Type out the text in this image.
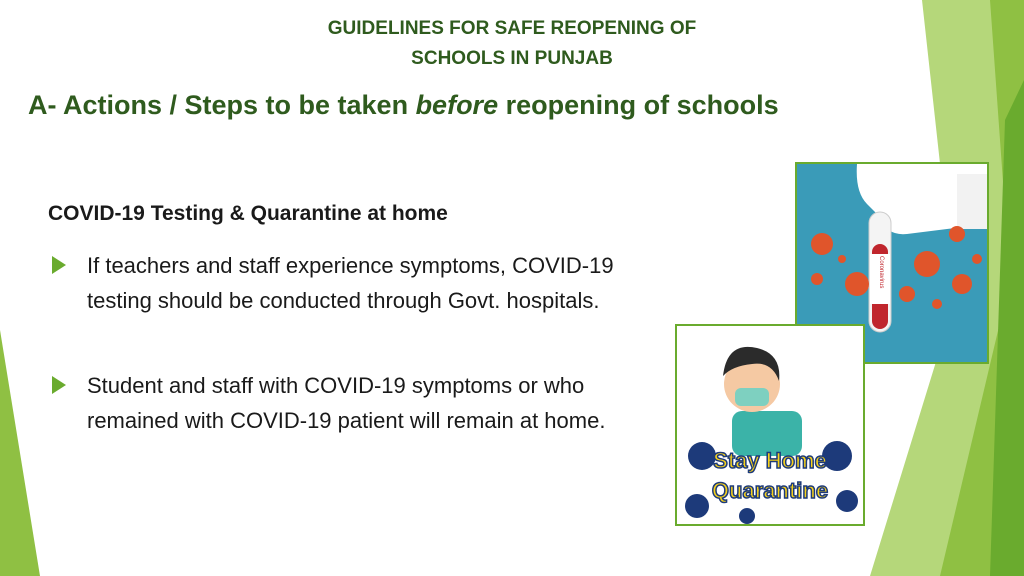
GUIDELINES FOR SAFE REOPENING OF
SCHOOLS IN PUNJAB
A- Actions / Steps to be taken before reopening of schools
COVID-19 Testing & Quarantine at home
If teachers and staff experience symptoms, COVID-19 testing should be conducted through Govt. hospitals.
Student and staff with COVID-19 symptoms or who remained with COVID-19 patient will remain at home.
Coronavirus
Stay Home
Quarantine
